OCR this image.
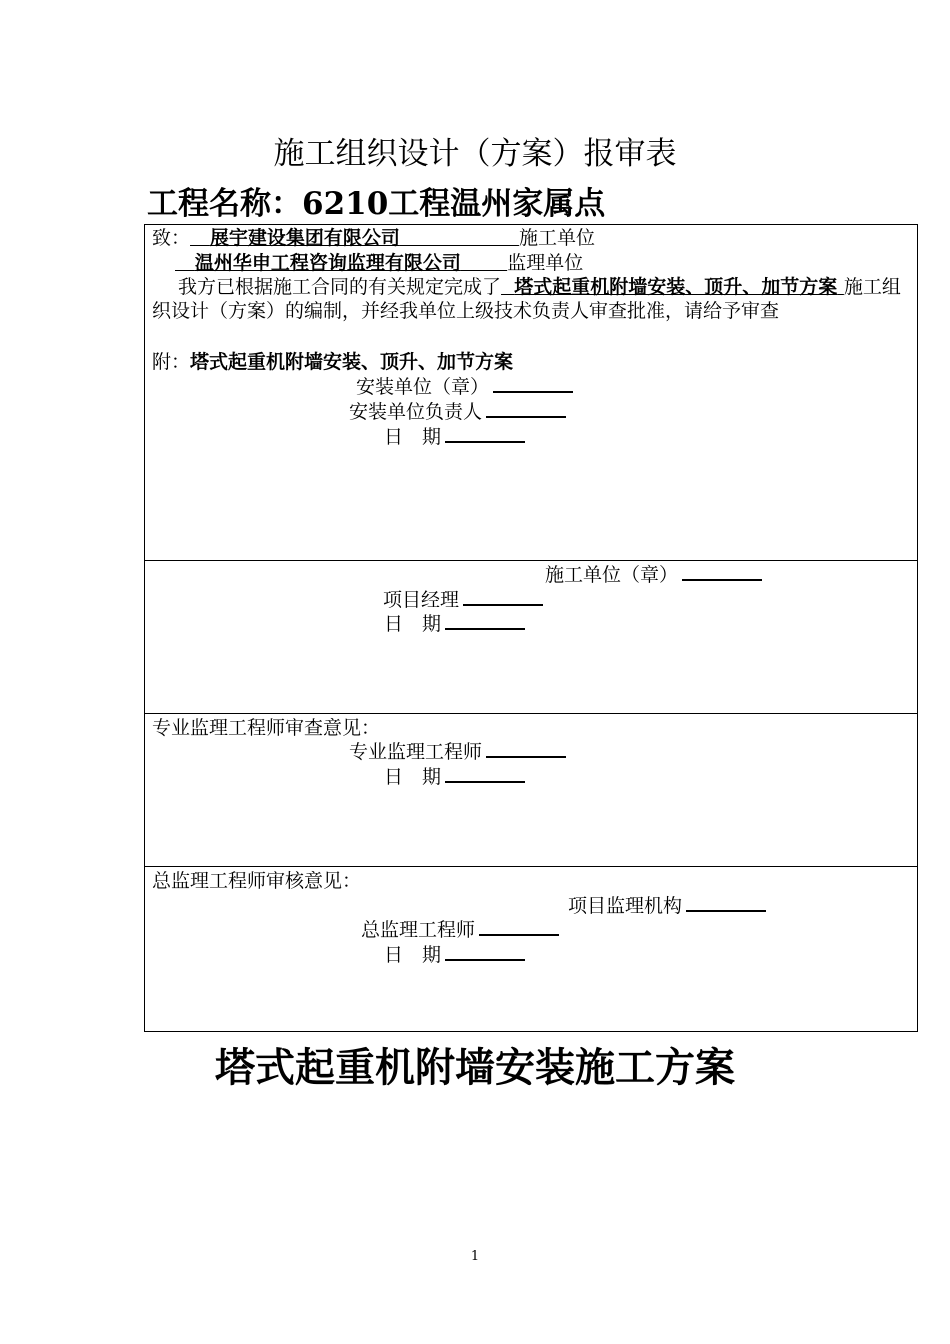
施工组织设计（方案）报审表
工程名称：6210工程温州家属点
致： 展宇建设集团有限公司	施工单位
温州华申工程咨询监理有限公司 监理单位
我方已根据施工合同的有关规定完成了 塔式起重机附墙安装、顶升、加节方案 施工组织设计（方案）的编制，并经我单位上级技术负责人审查批准，请给予审查
附：塔式起重机附墙安装、顶升、加节方案
安装单位（章）
安装单位负责人
日　期
施工单位（章）
项目经理
日　期
专业监理工程师审查意见：
专业监理工程师
日　期
总监理工程师审核意见：
项目监理机构
总监理工程师
日　期
塔式起重机附墙安装施工方案
1
